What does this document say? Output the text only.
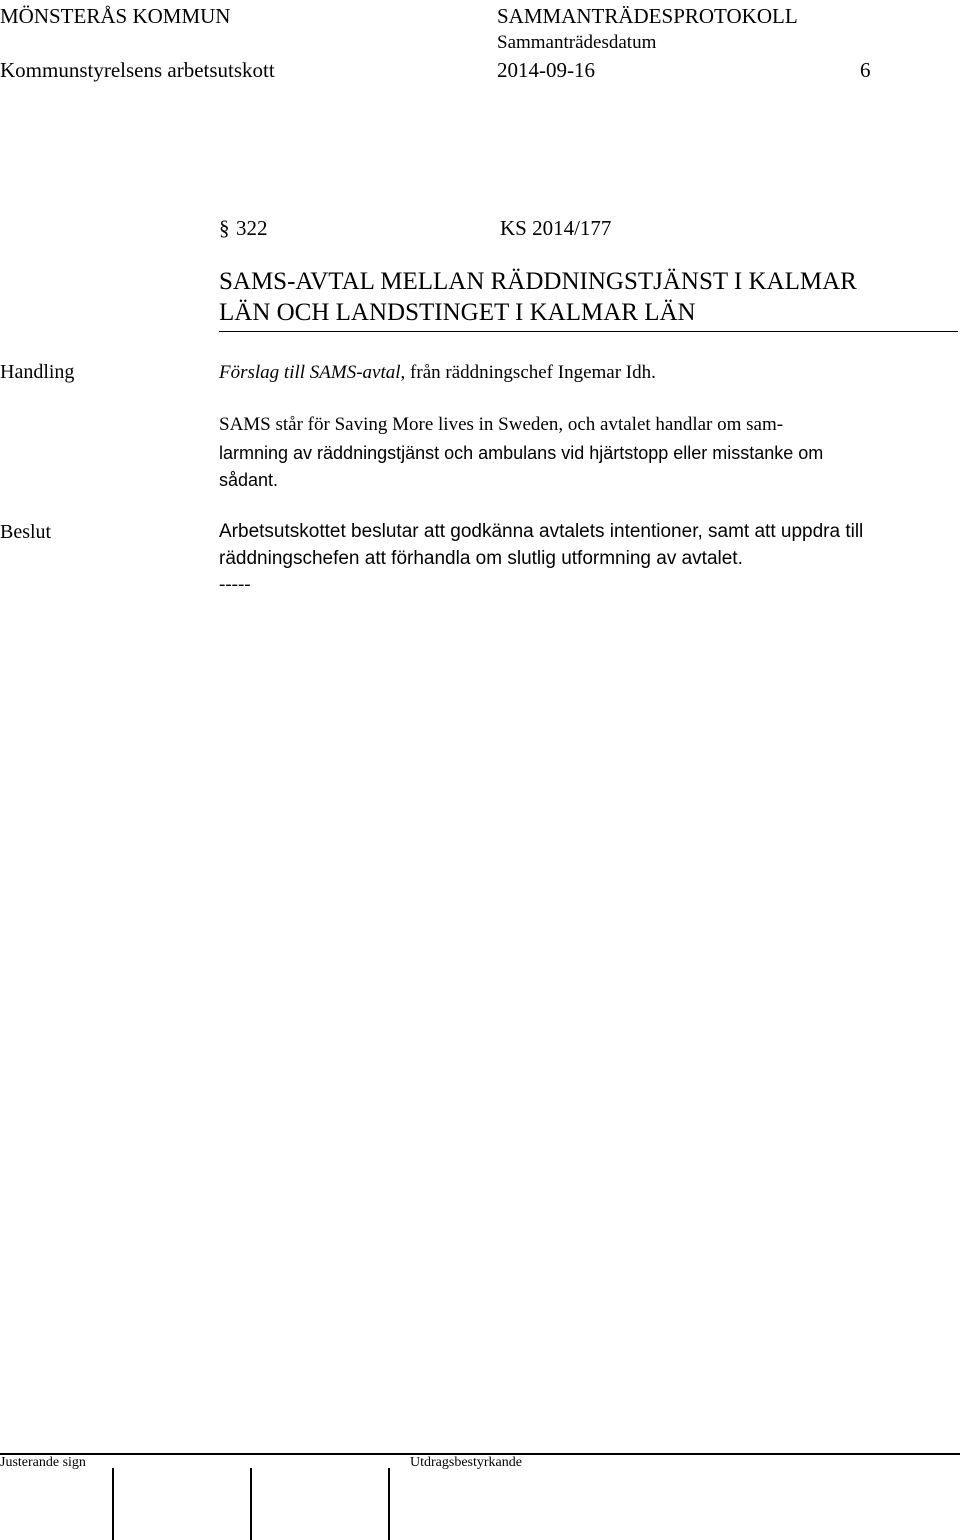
MÖNSTERÅS KOMMUN	SAMMANTRÄDESPROTOKOLL
Sammanträdesdatum
Kommunstyrelsens arbetsutskott	2014-09-16	6
§ 322	KS 2014/177
SAMS-AVTAL MELLAN RÄDDNINGSTJÄNST I KALMAR
LÄN OCH LANDSTINGET I KALMAR LÄN
Handling	Förslag till SAMS-avtal, från räddningschef Ingemar Idh.
SAMS står för Saving More lives in Sweden, och avtalet handlar om sam-
larmning av räddningstjänst och ambulans vid hjärtstopp eller misstanke om
sådant.
Beslut	Arbetsutskottet beslutar att godkänna avtalets intentioner, samt att uppdra till
räddningschefen att förhandla om slutlig utformning av avtalet.
-----
Justerande sign	Utdragsbestyrkande
